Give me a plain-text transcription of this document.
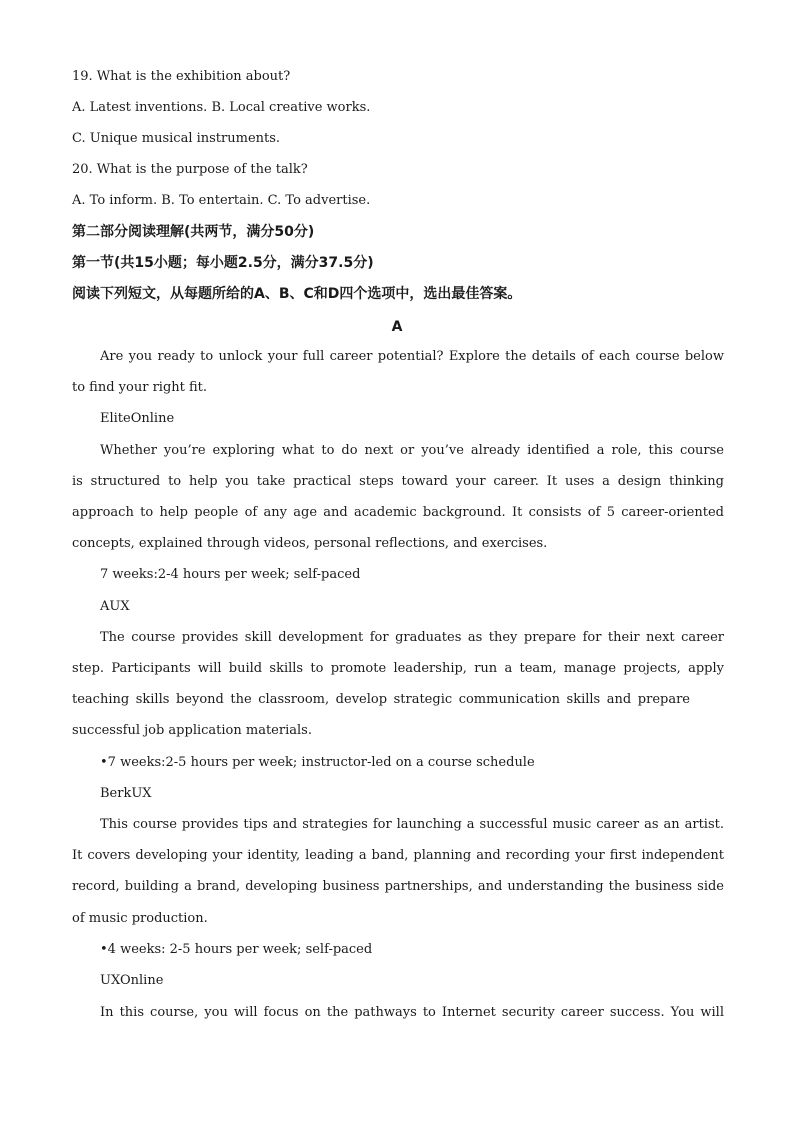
19. What is the exhibition about?
A. Latest inventions. B. Local creative works.
C. Unique musical instruments.
20. What is the purpose of the talk?
A. To inform. B. To entertain. C. To advertise.
第二部分阅读理解(共两节，满分50分)
第一节(共15小题；每小题2.5分，满分37.5分)
阅读下列短文，从每题所给的A、B、C和D四个选项中，选出最佳答案。
A
Are you ready to unlock your full career potential? Explore the details of each course below
to find your right fit.
EliteOnline
Whether you’re exploring what to do next or you’ve already identified a role, this course
is structured to help you take practical steps toward your career. It uses a design thinking
approach to help people of any age and academic background. It consists of 5 career-oriented
concepts, explained through videos, personal reflections, and exercises.
7 weeks:2-4 hours per week; self-paced
AUX
The course provides skill development for graduates as they prepare for their next career
step. Participants will build skills to promote leadership, run a team, manage projects, apply
teaching skills beyond the classroom, develop strategic communication skills and prepare
successful job application materials.
•7 weeks:2-5 hours per week; instructor-led on a course schedule
BerkUX
This course provides tips and strategies for launching a successful music career as an artist.
It covers developing your identity, leading a band, planning and recording your first independent
record, building a brand, developing business partnerships, and understanding the business side
of music production.
•4 weeks: 2-5 hours per week; self-paced
UXOnline
In this course, you will focus on the pathways to Internet security career success. You will
